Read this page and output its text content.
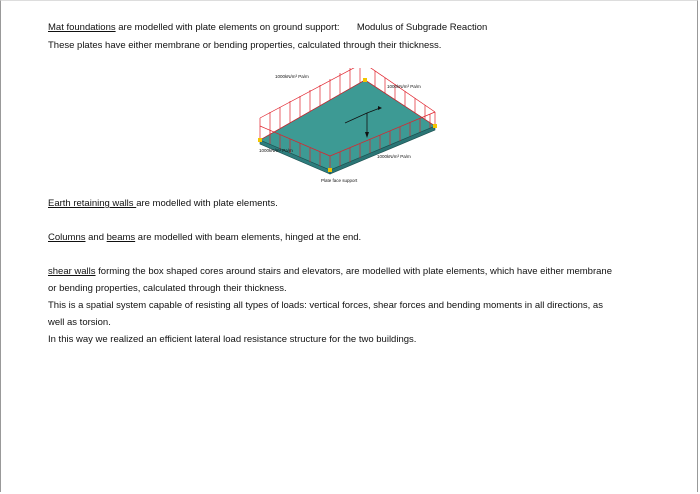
Mat foundations are modelled with plate elements on ground support: Modulus of Subgrade Reaction
These plates have either membrane or bending properties, calculated through their thickness.
1000kN/m³ Pa/m
1000kN/m³ Pa/m
1000kN/m³ Pa/m
1000kN/m³ Pa/m
Plate face support
Earth retaining walls are modelled with plate elements.
Columns and beams are modelled with beam elements, hinged at the end.
shear walls forming the box shaped cores around stairs and elevators, are modelled with plate elements, which have either membrane
or bending properties, calculated through their thickness.
This is a spatial system capable of resisting all types of loads: vertical forces, shear forces and bending moments in all directions, as
well as torsion.
In this way we realized an efficient lateral load resistance structure for the two buildings.
